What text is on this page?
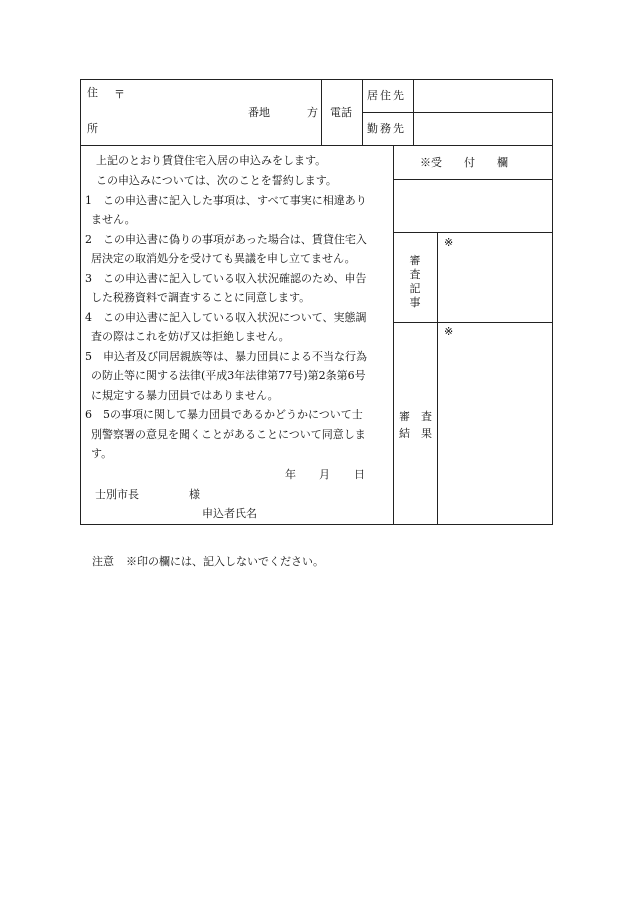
住 〒
所
番地	方 電話
居住先
勤務先
上記のとおり賃貸住宅入居の申込みをします。
この申込みについては、次のことを誓約します。
1　この申込書に記入した事項は、すべて事実に相違あり
ません。
2　この申込書に偽りの事項があった場合は、賃貸住宅入
居決定の取消処分を受けても異議を申し立てません。
3　この申込書に記入している収入状況確認のため、申告
した税務資料で調査することに同意します。
4　この申込書に記入している収入状況について、実態調
査の際はこれを妨げ又は拒絶しません。
5　申込者及び同居親族等は、暴力団員による不当な行為
の防止等に関する法律(平成3年法律第77号)第2条第6号
に規定する暴力団員ではありません。
6　5の事項に関して暴力団員であるかどうかについて士
別警察署の意見を聞くことがあることについて同意しま
す。
年 月 日
士別市長	様
申込者氏名
※受　　付　　欄
審
査
記
事
※
審　査
結　果
※
注意 ※印の欄には、記入しないでください。
